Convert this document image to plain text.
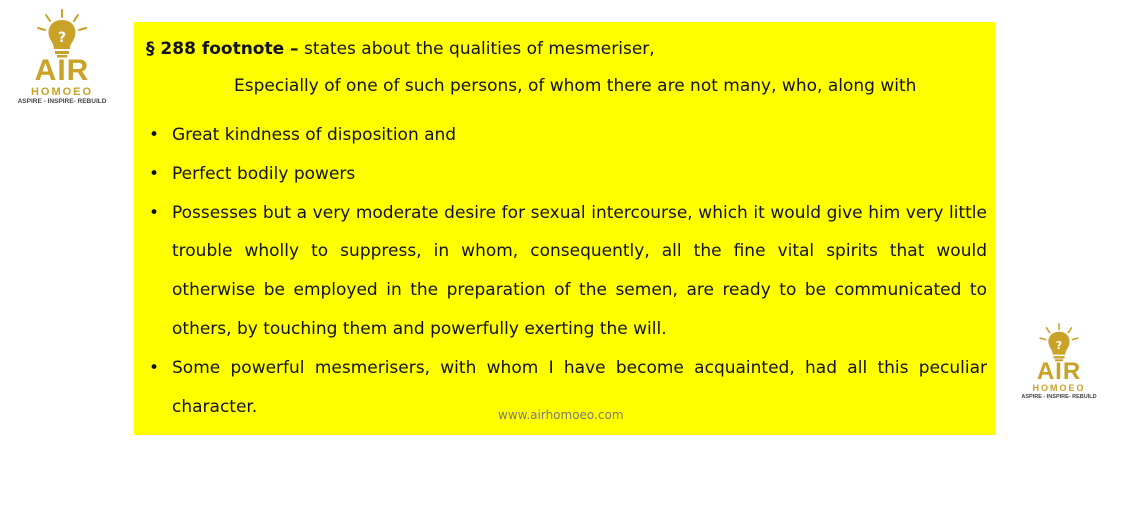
?
AIR
HOMOEO
ASPIRE - INSPIRE- REBUILD
§ 288 footnote – states about the qualities of mesmeriser,
Especially of one of such persons, of whom there are not many, who, along with
• Great kindness of disposition and
• Perfect bodily powers
• Possesses but a very moderate desire for sexual intercourse, which it would give him very little trouble wholly to suppress, in whom, consequently, all the fine vital spirits that would otherwise be employed in the preparation of the semen, are ready to be communicated to others, by touching them and powerfully exerting the will.
• Some powerful mesmerisers, with whom I have become acquainted, had all this peculiar character.	www.airhomoeo.com
?
AIR
HOMOEO
ASPIRE - INSPIRE- REBUILD
